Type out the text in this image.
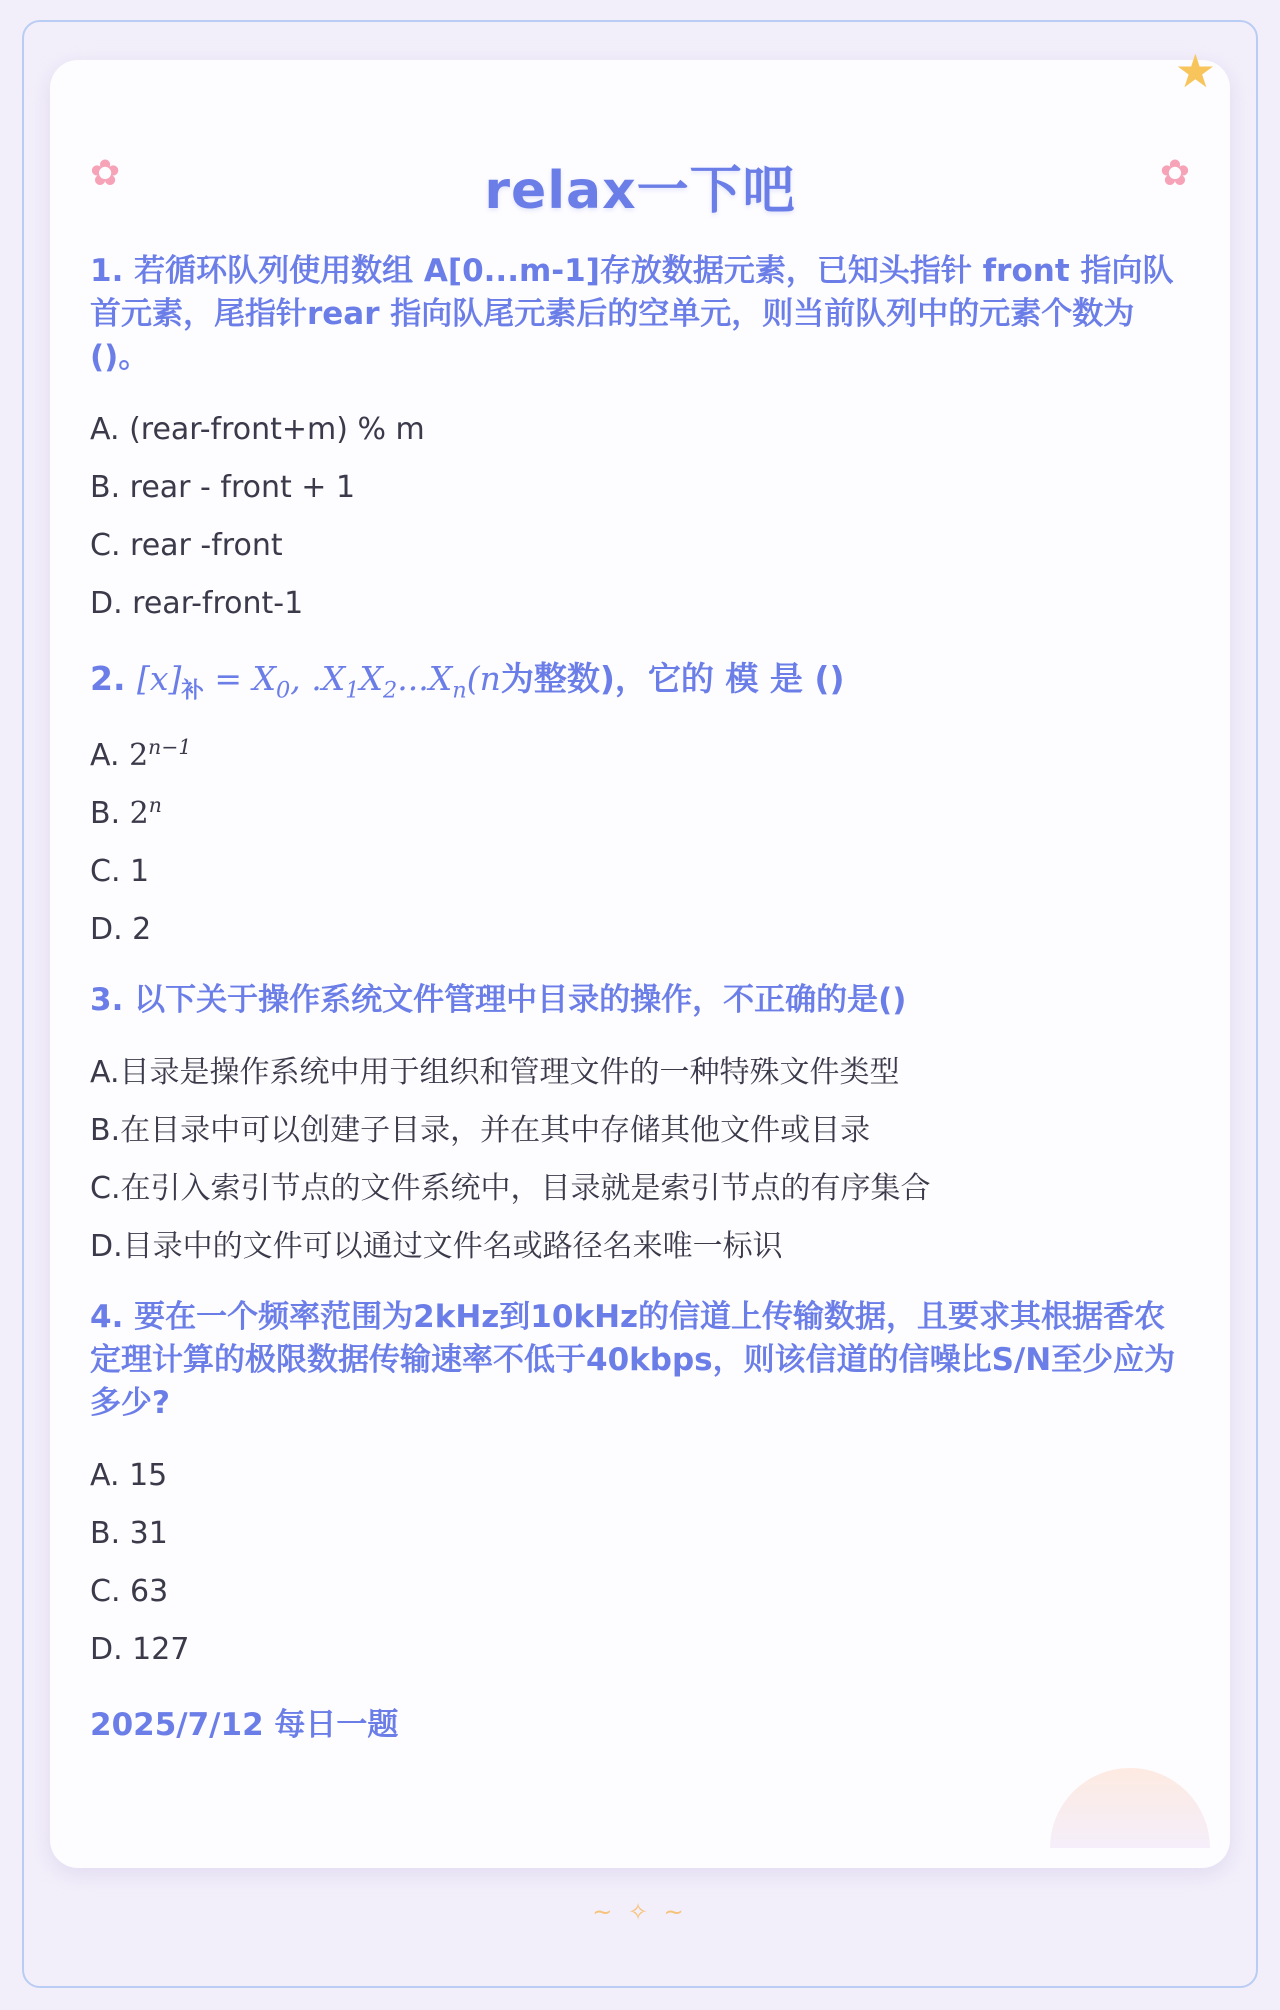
★
✿	✿
relax一下吧

1. 若循环队列使用数组 A[0...m-1]存放数据元素，已知头指针 front 指向队首元素，尾指针rear 指向队尾元素后的空单元，则当前队列中的元素个数为()。

A. (rear-front+m) % m

B. rear - front + 1

C. rear -front

D. rear-front-1

2. $[x]_补 = X_0$, $.X_1X_2...X_n(n$为整数)，它的 模 是 ()

A. $2^{n-1}$

B. 2$^n$

C. 1

D. 2

3. 以下关于操作系统文件管理中目录的操作，不正确的是()

A.目录是操作系统中用于组织和管理文件的一种特殊文件类型

B.在目录中可以创建子目录，并在其中存储其他文件或目录

C.在引入索引节点的文件系统中，目录就是索引节点的有序集合

D.目录中的文件可以通过文件名或路径名来唯一标识

4. 要在一个频率范围为2kHz到10kHz的信道上传输数据，且要求其根据香农定理计算的极限数据传输速率不低于40kbps，则该信道的信噪比S/N至少应为多少?

A. 15

B. 31

C. 63

D. 127

2025/7/12 每日一题
~ ✧ ~
